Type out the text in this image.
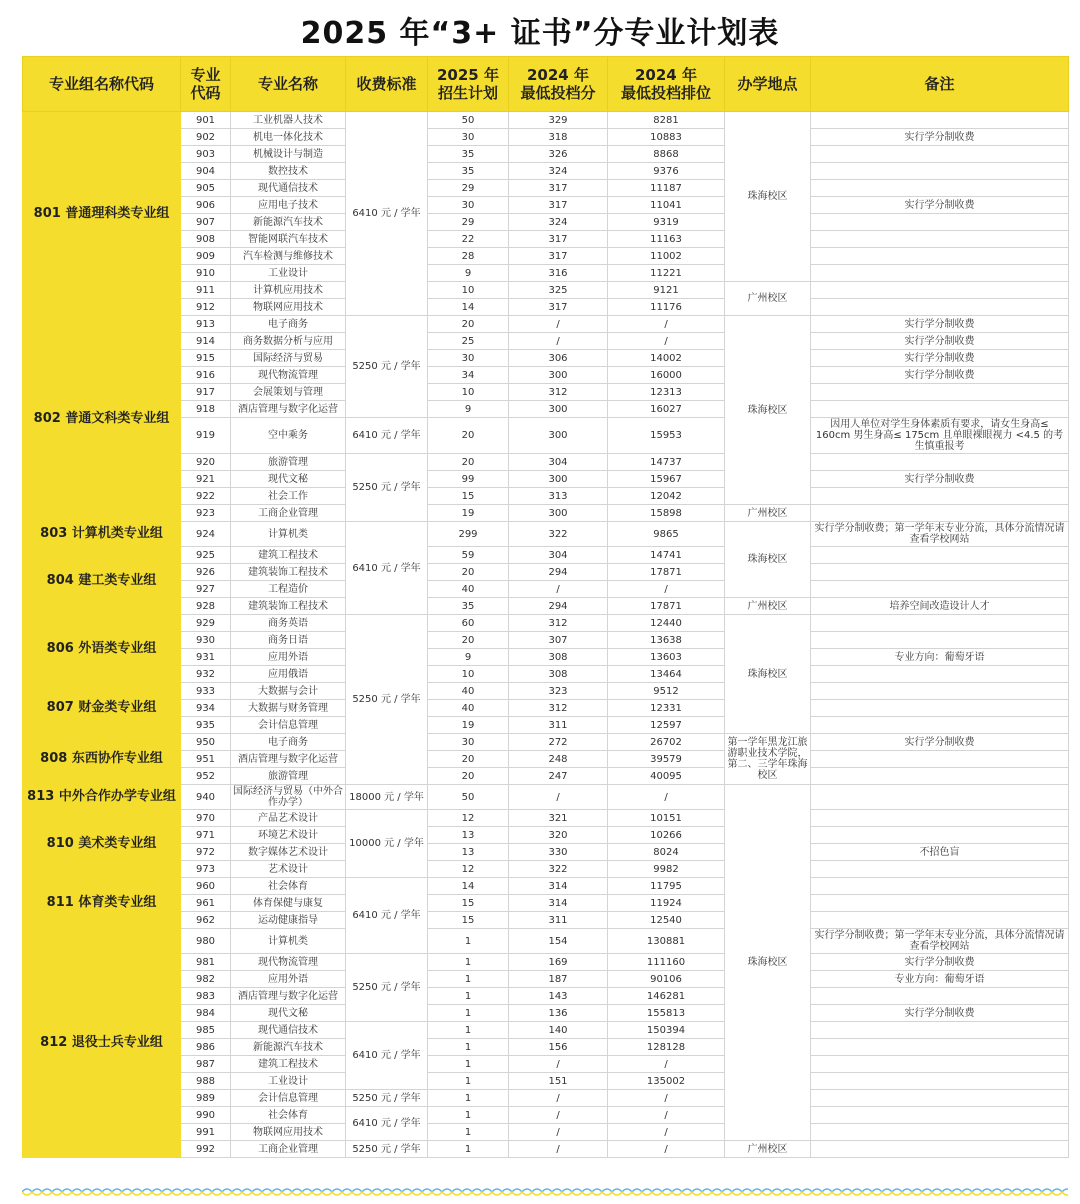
2025 年“3+ 证书”分专业计划表
专业组名称代码	专业
代码	专业名称	收费标准	2025 年
招生计划	2024 年
最低投档分	2024 年
最低投档排位	办学地点	备注
801 普通理科类专业组	901	工业机器人技术	6410 元 / 学年	50	329	8281	珠海校区	
	902	机电一体化技术		30	318	10883		实行学分制收费
	903	机械设计与制造		35	326	8868		
	904	数控技术		35	324	9376		
	905	现代通信技术		29	317	11187		
	906	应用电子技术		30	317	11041		实行学分制收费
	907	新能源汽车技术		29	324	9319		
	908	智能网联汽车技术		22	317	11163		
	909	汽车检测与维修技术		28	317	11002		
	910	工业设计		9	316	11221		
	911	计算机应用技术		10	325	9121	广州校区	
	912	物联网应用技术		14	317	11176		
802 普通文科类专业组	913	电子商务	5250 元 / 学年	20	/	/	珠海校区	实行学分制收费
	914	商务数据分析与应用		25	/	/		实行学分制收费
	915	国际经济与贸易		30	306	14002		实行学分制收费
	916	现代物流管理		34	300	16000		实行学分制收费
	917	会展策划与管理		10	312	12313		
	918	酒店管理与数字化运营		9	300	16027		
	919	空中乘务	6410 元 / 学年	20	300	15953		因用人单位对学生身体素质有要求，请女生身高≤ 160cm 男生身高≤ 175cm 且单眼裸眼视力 <4.5 的考生慎重报考
	920	旅游管理	5250 元 / 学年	20	304	14737		
	921	现代文秘		99	300	15967		实行学分制收费
	922	社会工作		15	313	12042		
	923	工商企业管理		19	300	15898	广州校区	
803 计算机类专业组	924	计算机类	6410 元 / 学年	299	322	9865	珠海校区	实行学分制收费；第一学年末专业分流，具体分流情况请查看学校网站
804 建工类专业组	925	建筑工程技术		59	304	14741		
	926	建筑装饰工程技术		20	294	17871		
	927	工程造价		40	/	/		
	928	建筑装饰工程技术		35	294	17871	广州校区	培养空间改造设计人才
806 外语类专业组	929	商务英语	5250 元 / 学年	60	312	12440	珠海校区	
	930	商务日语		20	307	13638		
	931	应用外语		9	308	13603		专业方向：葡萄牙语
	932	应用俄语		10	308	13464		
807 财金类专业组	933	大数据与会计		40	323	9512		
	934	大数据与财务管理		40	312	12331		
	935	会计信息管理		19	311	12597		
808 东西协作专业组	950	电子商务		30	272	26702	第一学年黑龙江旅游职业技术学院，第二、三学年珠海校区	实行学分制收费
	951	酒店管理与数字化运营		20	248	39579		
	952	旅游管理		20	247	40095		
813 中外合作办学专业组	940	国际经济与贸易（中外合作办学）	18000 元 / 学年	50	/	/	珠海校区	
810 美术类专业组	970	产品艺术设计	10000 元 / 学年	12	321	10151		
	971	环境艺术设计		13	320	10266		
	972	数字媒体艺术设计		13	330	8024		不招色盲
	973	艺术设计		12	322	9982		
811 体育类专业组	960	社会体育	6410 元 / 学年	14	314	11795		
	961	体育保健与康复		15	314	11924		
	962	运动健康指导		15	311	12540		
812 退役士兵专业组	980	计算机类		1	154	130881		实行学分制收费；第一学年末专业分流，具体分流情况请查看学校网站
	981	现代物流管理	5250 元 / 学年	1	169	111160		实行学分制收费
	982	应用外语		1	187	90106		专业方向：葡萄牙语
	983	酒店管理与数字化运营		1	143	146281		
	984	现代文秘		1	136	155813		实行学分制收费
	985	现代通信技术	6410 元 / 学年	1	140	150394		
	986	新能源汽车技术		1	156	128128		
	987	建筑工程技术		1	/	/		
	988	工业设计		1	151	135002		
	989	会计信息管理	5250 元 / 学年	1	/	/		
	990	社会体育	6410 元 / 学年	1	/	/		
	991	物联网应用技术		1	/	/		
	992	工商企业管理	5250 元 / 学年	1	/	/	广州校区	
